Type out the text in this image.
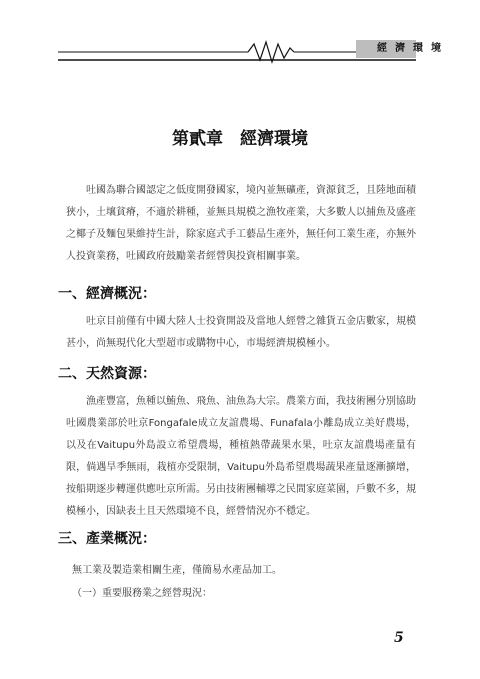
經濟環境
第貳章　經濟環境

吐國為聯合國認定之低度開發國家，境內並無礦產，資源貧乏，且陸地面積狹小，土壤貧瘠，不適於耕種，並無具規模之漁牧產業，大多數人以捕魚及盛產之椰子及麵包果維持生計，除家庭式手工藝品生產外，無任何工業生產，亦無外人投資業務，吐國政府鼓勵業者經營與投資相關事業。

一、經濟概況：

吐京目前僅有中國大陸人士投資開設及當地人經營之雜貨五金店數家，規模甚小，尚無現代化大型超市或購物中心，市場經濟規模極小。

二、天然資源：

漁產豐富，魚種以鮪魚、飛魚、油魚為大宗。農業方面，我技術團分別協助吐國農業部於吐京Fongafale成立友誼農場、Funafala小離島成立美好農場，以及在Vaitupu外島設立希望農場，種植熱帶蔬果水果，吐京友誼農場產量有限，倘遇旱季無雨，栽植亦受限制，Vaitupu外島希望農場蔬果產量逐漸擴增，按船期逐步轉運供應吐京所需。另由技術團輔導之民間家庭菜園，戶數不多，規模極小，因缺表土且天然環境不良，經營情況亦不穩定。

三、產業概況：

無工業及製造業相關生產，僅簡易水產品加工。

（一）重要服務業之經營現況：

5
